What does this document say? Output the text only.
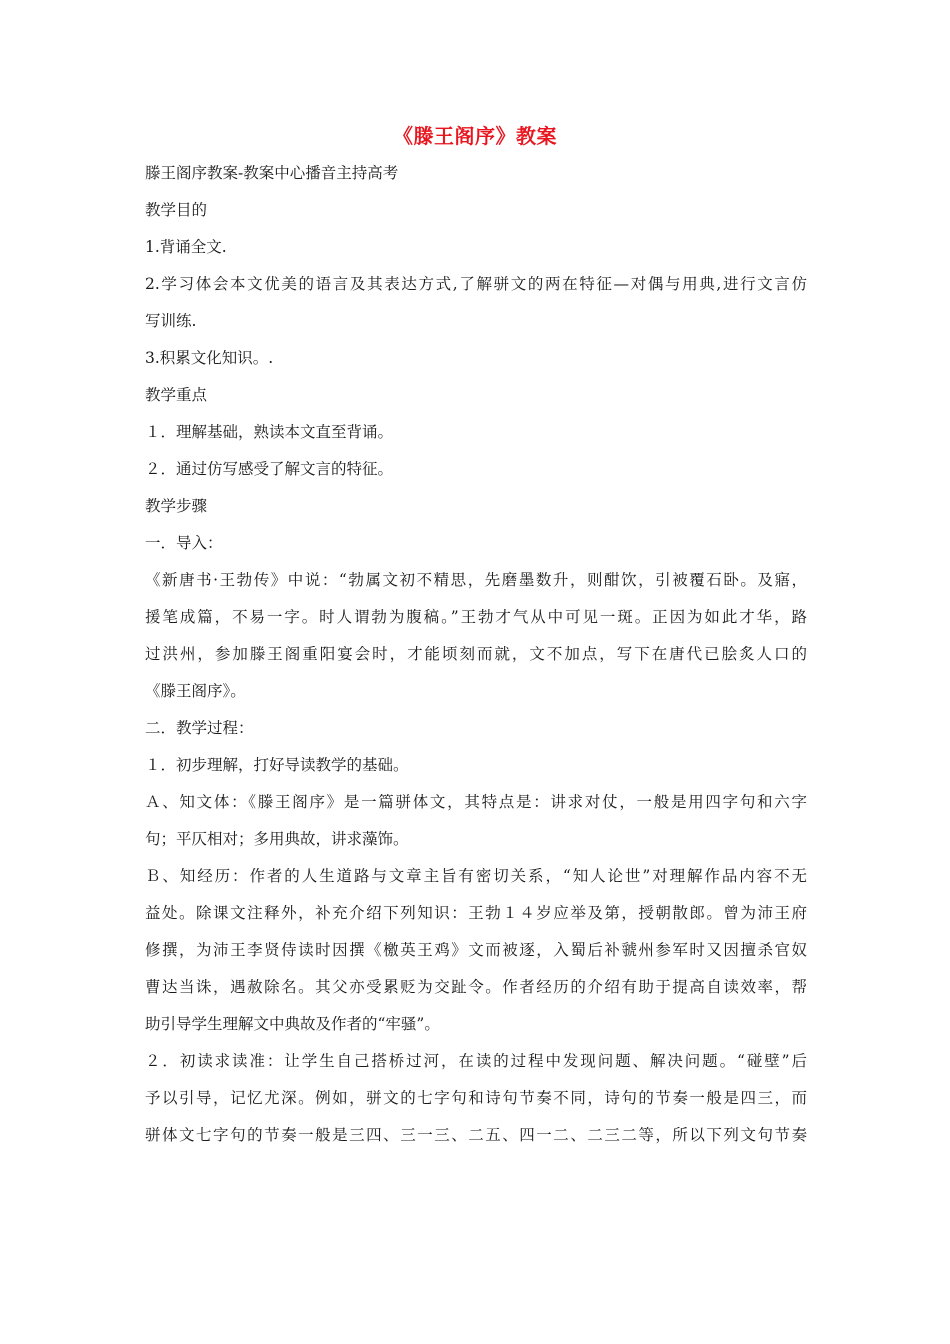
《滕王阁序》教案
滕王阁序教案-教案中心播音主持高考
教学目的
1.背诵全文.
2.学习体会本文优美的语言及其表达方式,了解骈文的两在特征—对偶与用典,进行文言仿
写训练.
3.积累文化知识。.
教学重点
１．理解基础，熟读本文直至背诵。
２．通过仿写感受了解文言的特征。
教学步骤
一．导入：
《新唐书·王勃传》中说：“勃属文初不精思，先磨墨数升，则酣饮，引被覆石卧。及寤，
援笔成篇，不易一字。时人谓勃为腹稿。”王勃才气从中可见一斑。正因为如此才华，路
过洪州，参加滕王阁重阳宴会时，才能顷刻而就，文不加点，写下在唐代已脍炙人口的
《滕王阁序》。
二．教学过程：
１．初步理解，打好导读教学的基础。
Ａ、知文体：《滕王阁序》是一篇骈体文，其特点是：讲求对仗，一般是用四字句和六字
句；平仄相对；多用典故，讲求藻饰。
Ｂ、知经历：作者的人生道路与文章主旨有密切关系，“知人论世”对理解作品内容不无
益处。除课文注释外，补充介绍下列知识：王勃１４岁应举及第，授朝散郎。曾为沛王府
修撰，为沛王李贤侍读时因撰《檄英王鸡》文而被逐，入蜀后补虢州参军时又因擅杀官奴
曹达当诛，遇赦除名。其父亦受累贬为交趾令。作者经历的介绍有助于提高自读效率，帮
助引导学生理解文中典故及作者的“牢骚”。
２．初读求读准：让学生自己搭桥过河，在读的过程中发现问题、解决问题。“碰壁”后
予以引导，记忆尤深。例如，骈文的七字句和诗句节奏不同，诗句的节奏一般是四三，而
骈体文七字句的节奏一般是三四、三一三、二五、四一二、二三二等，所以下列文句节奏
